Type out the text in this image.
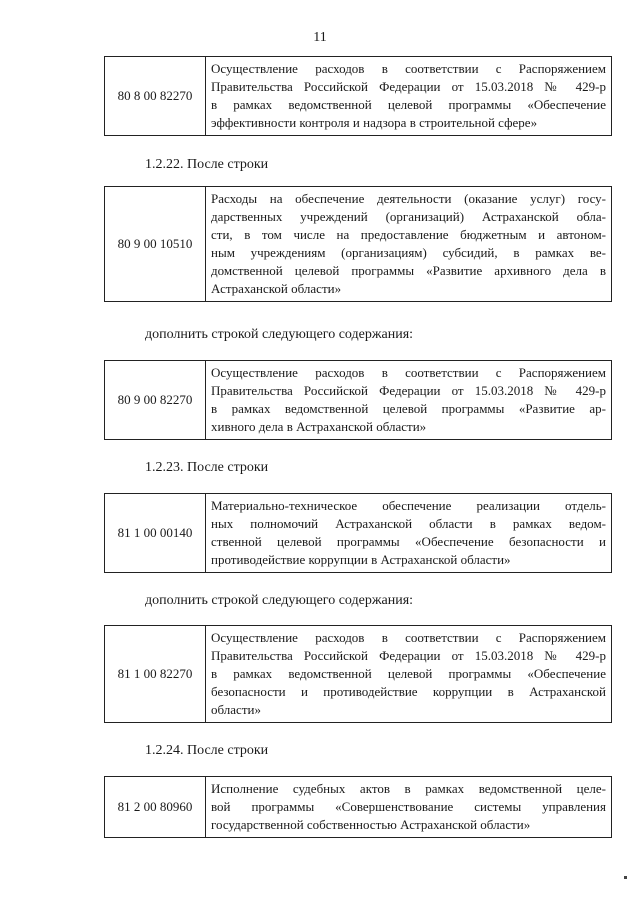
11
80 8 00 82270
Осуществление расходов в соответствии с Распоряжением
Правительства Российской Федерации от 15.03.2018 № 429-р
в рамках ведомственной целевой программы «Обеспечение
эффективности контроля и надзора в строительной сфере»
1.2.22. После строки
80 9 00 10510
Расходы на обеспечение деятельности (оказание услуг) госу-
дарственных учреждений (организаций) Астраханской обла-
сти, в том числе на предоставление бюджетным и автоном-
ным учреждениям (организациям) субсидий, в рамках ве-
домственной целевой программы «Развитие архивного дела в
Астраханской области»
дополнить строкой следующего содержания:
80 9 00 82270
Осуществление расходов в соответствии с Распоряжением
Правительства Российской Федерации от 15.03.2018 № 429-р
в рамках ведомственной целевой программы «Развитие ар-
хивного дела в Астраханской области»
1.2.23. После строки
81 1 00 00140
Материально-техническое обеспечение реализации отдель-
ных полномочий Астраханской области в рамках ведом-
ственной целевой программы «Обеспечение безопасности и
противодействие коррупции в Астраханской области»
дополнить строкой следующего содержания:
81 1 00 82270
Осуществление расходов в соответствии с Распоряжением
Правительства Российской Федерации от 15.03.2018 № 429-р
в рамках ведомственной целевой программы «Обеспечение
безопасности и противодействие коррупции в Астраханской
области»
1.2.24. После строки
81 2 00 80960
Исполнение судебных актов в рамках ведомственной целе-
вой программы «Совершенствование системы управления
государственной собственностью Астраханской области»
